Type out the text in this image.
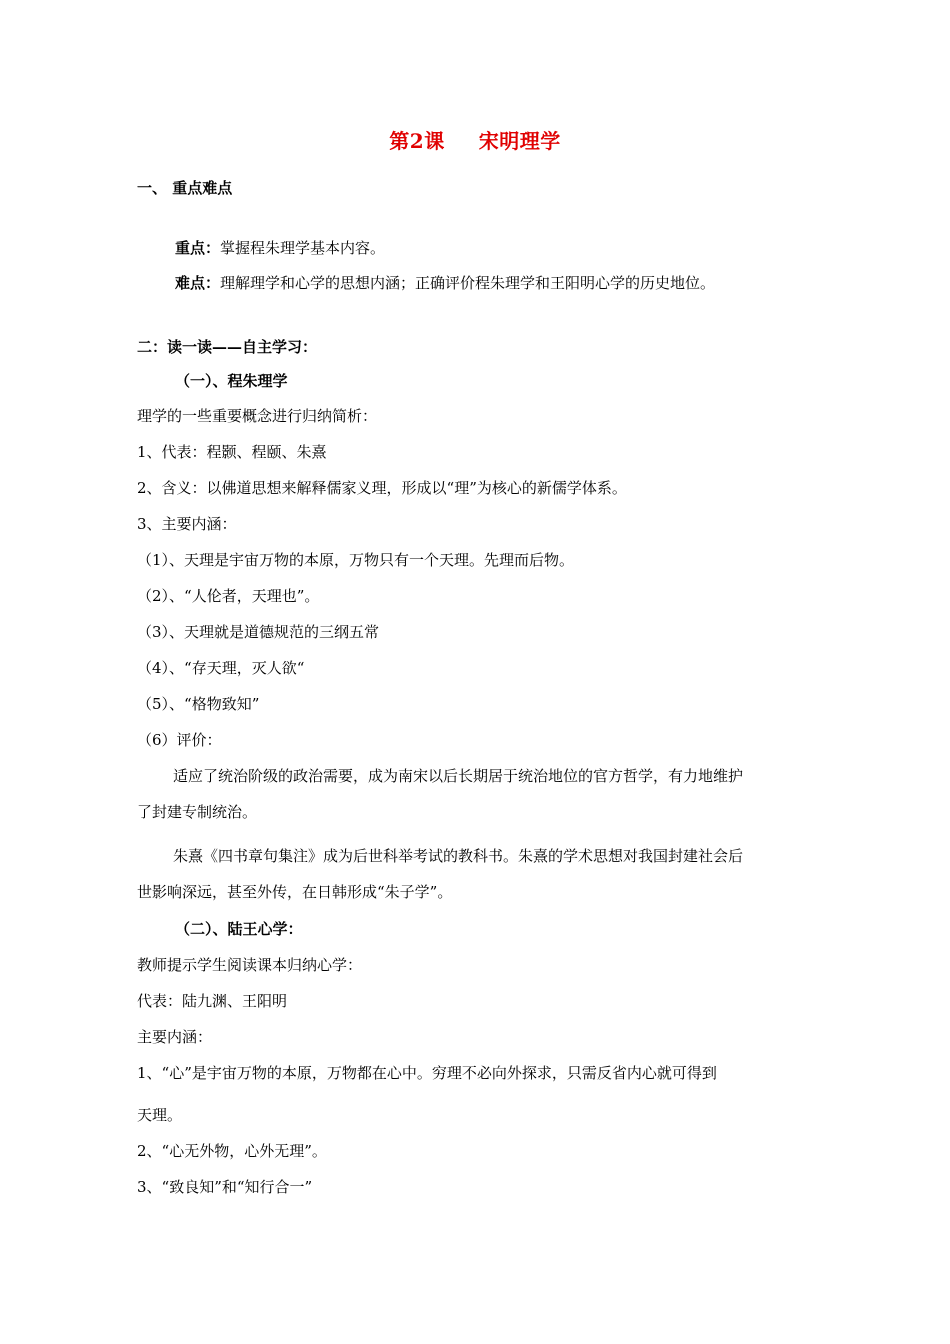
第2课 宋明理学
一、 重点难点
重点：掌握程朱理学基本内容。
难点：理解理学和心学的思想内涵；正确评价程朱理学和王阳明心学的历史地位。
二：读一读——自主学习：
（一）、程朱理学
理学的一些重要概念进行归纳简析：
1、代表：程颢、程颐、朱熹
2、含义：以佛道思想来解释儒家义理，形成以“理”为核心的新儒学体系。
3、主要内涵：
（1）、天理是宇宙万物的本原，万物只有一个天理。先理而后物。
（2）、“人伦者，天理也”。
（3）、天理就是道德规范的三纲五常
（4）、“存天理，灭人欲“
（5）、“格物致知”
（6）评价：
适应了统治阶级的政治需要，成为南宋以后长期居于统治地位的官方哲学，有力地维护
了封建专制统治。
朱熹《四书章句集注》成为后世科举考试的教科书。朱熹的学术思想对我国封建社会后
世影响深远，甚至外传，在日韩形成“朱子学”。
（二）、陆王心学：
教师提示学生阅读课本归纳心学：
代表：陆九渊、王阳明
主要内涵：
1、“心”是宇宙万物的本原，万物都在心中。穷理不必向外探求，只需反省内心就可得到
天理。
2、“心无外物，心外无理”。
3、“致良知”和“知行合一”
